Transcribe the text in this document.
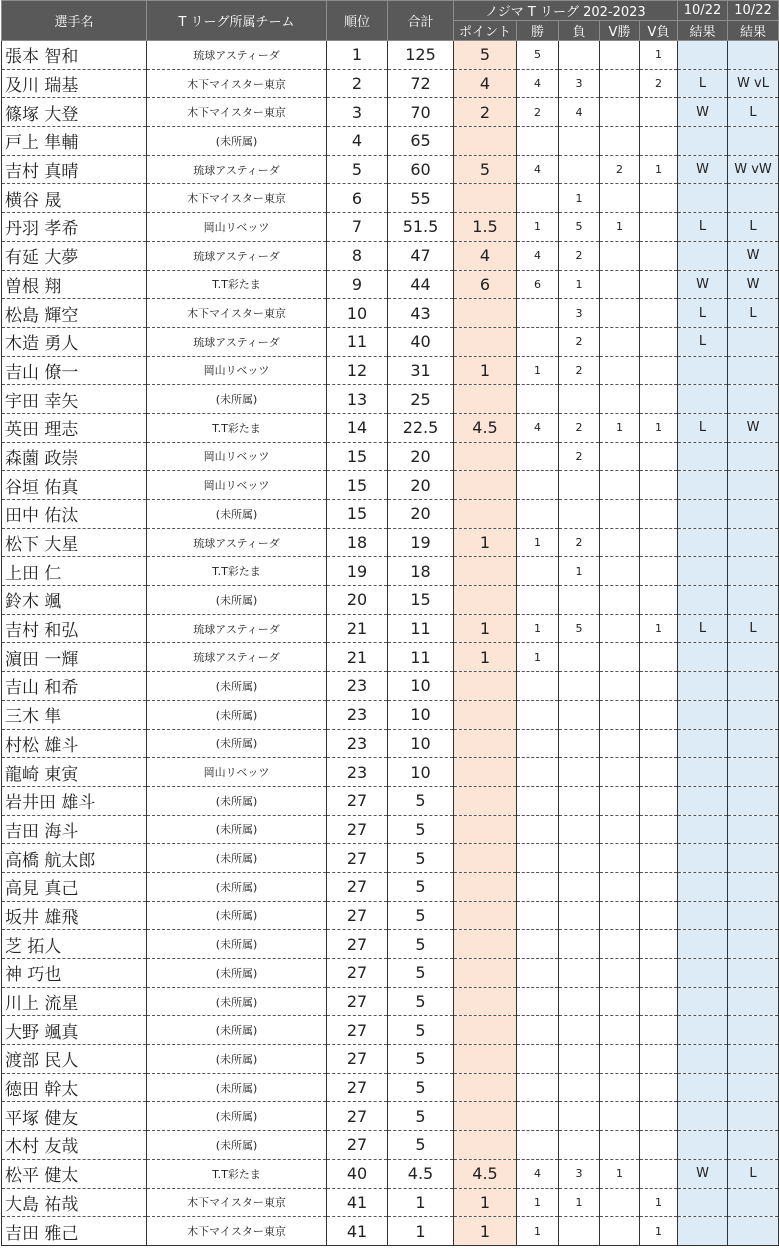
選手名	T リーグ所属チーム	順位	合計	ノジマ T リーグ 202-2023					10/22	10/22
				ポイント	勝	負	V勝	V負	結果	結果
張本 智和	琉球アスティーダ	1	125	5	5			1		
及川 瑞基	木下マイスター東京	2	72	4	4	3		2	L	W vL
篠塚 大登	木下マイスター東京	3	70	2	2	4			W	L
戸上 隼輔	(未所属)	4	65							
吉村 真晴	琉球アスティーダ	5	60	5	4		2	1	W	W vW
横谷 晟	木下マイスター東京	6	55			1				
丹羽 孝希	岡山リベッツ	7	51.5	1.5	1	5	1		L	L
有延 大夢	琉球アスティーダ	8	47	4	4	2				W
曽根 翔	T.T彩たま	9	44	6	6	1			W	W
松島 輝空	木下マイスター東京	10	43			3			L	L
木造 勇人	琉球アスティーダ	11	40			2			L	
吉山 僚一	岡山リベッツ	12	31	1	1	2				
宇田 幸矢	(未所属)	13	25							
英田 理志	T.T彩たま	14	22.5	4.5	4	2	1	1	L	W
森薗 政崇	岡山リベッツ	15	20			2				
谷垣 佑真	岡山リベッツ	15	20							
田中 佑汰	(未所属)	15	20							
松下 大星	琉球アスティーダ	18	19	1	1	2				
上田 仁	T.T彩たま	19	18			1				
鈴木 颯	(未所属)	20	15							
吉村 和弘	琉球アスティーダ	21	11	1	1	5		1	L	L
濵田 一輝	琉球アスティーダ	21	11	1	1					
吉山 和希	(未所属)	23	10							
三木 隼	(未所属)	23	10							
村松 雄斗	(未所属)	23	10							
龍崎 東寅	岡山リベッツ	23	10							
岩井田 雄斗	(未所属)	27	5							
吉田 海斗	(未所属)	27	5							
高橋 航太郎	(未所属)	27	5							
高見 真己	(未所属)	27	5							
坂井 雄飛	(未所属)	27	5							
芝 拓人	(未所属)	27	5							
神 巧也	(未所属)	27	5							
川上 流星	(未所属)	27	5							
大野 颯真	(未所属)	27	5							
渡部 民人	(未所属)	27	5							
徳田 幹太	(未所属)	27	5							
平塚 健友	(未所属)	27	5							
木村 友哉	(未所属)	27	5							
松平 健太	T.T彩たま	40	4.5	4.5	4	3	1		W	L
大島 祐哉	木下マイスター東京	41	1	1	1	1		1		
吉田 雅己	木下マイスター東京	41	1	1	1			1		
